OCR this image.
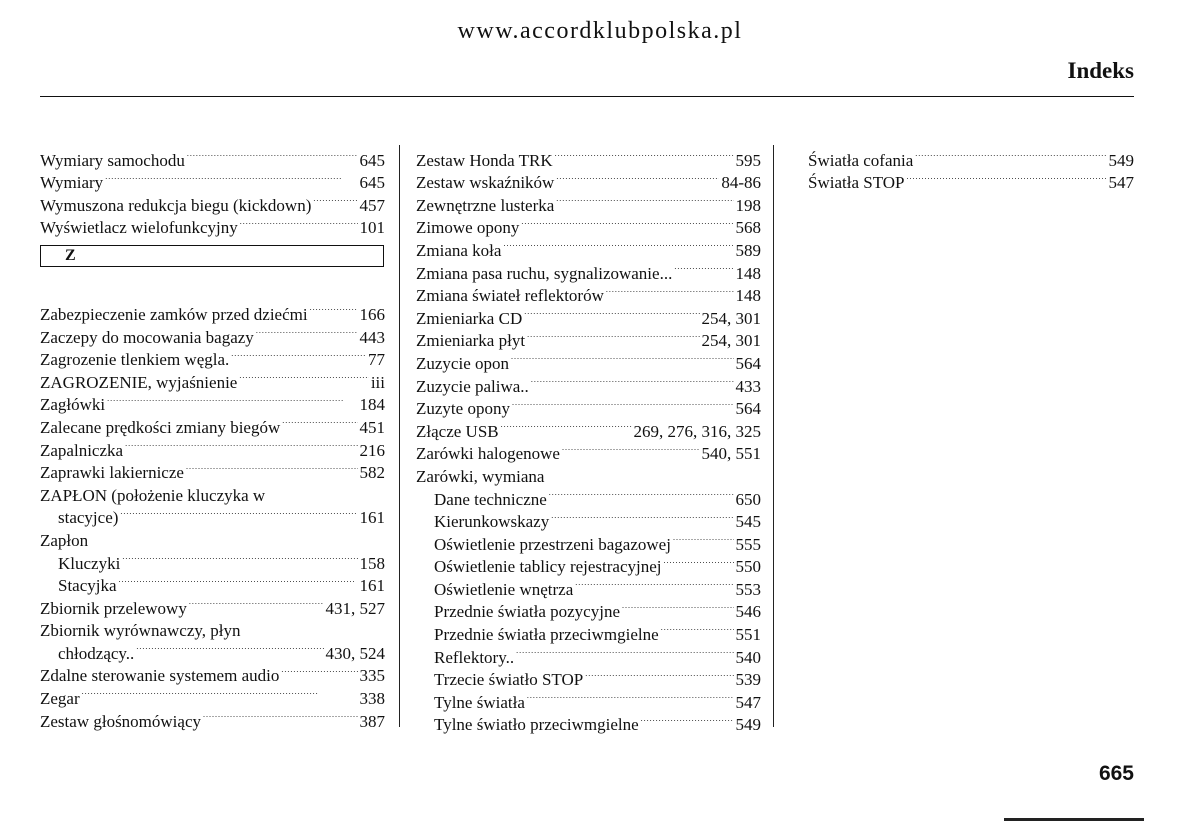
www.accordklubpolska.pl
Indeks
Wymiary samochodu . . .	645
Wymiary . . .	645
Wymuszona redukcja biegu (kickdown) . . .	457
Wyświetlacz wielofunkcyjny . . .	101
Z
Zabezpieczenie zamków przed dziećmi . . .	166
Zaczepy do mocowania bagazy . . .	443
Zagrozenie tlenkiem węgla. . . .	77
ZAGROZENIE, wyjaśnienie . . .	iii
Zagłówki . . .	184
Zalecane prędkości zmiany biegów . . .	451
Zapalniczka . . .	216
Zaprawki lakiernicze . . .	582
ZAPŁON (położenie kluczyka w
stacyjce) . . .	161
Zapłon
Kluczyki . . .	158
Stacyjka . . .	161
Zbiornik przelewowy . . .	431, 527
Zbiornik wyrównawczy, płyn
chłodzący.. . . .	430, 524
Zdalne sterowanie systemem audio . . .	335
Zegar . . .	338
Zestaw głośnomówiący . . .	387
Zestaw Honda TRK . . .	595
Zestaw wskaźników . . .	84-86
Zewnętrzne lusterka . . .	198
Zimowe opony . . .	568
Zmiana koła . . .	589
Zmiana pasa ruchu, sygnalizowanie... . . .	148
Zmiana świateł reflektorów . . .	148
Zmieniarka CD . . .	254, 301
Zmieniarka płyt . . .	254, 301
Zuzycie opon . . .	564
Zuzycie paliwa.. . . .	433
Zuzyte opony . . .	564
Złącze USB . . .	269, 276, 316, 325
Zarówki halogenowe . . .	540, 551
Zarówki, wymiana
Dane techniczne . . .	650
Kierunkowskazy . . .	545
Oświetlenie przestrzeni bagazowej . . .	555
Oświetlenie tablicy rejestracyjnej . . .	550
Oświetlenie wnętrza . . .	553
Przednie światła pozycyjne . . .	546
Przednie światła przeciwmgielne . . .	551
Reflektory.. . . .	540
Trzecie światło STOP . . .	539
Tylne światła . . .	547
Tylne światło przeciwmgielne . . .	549
Światła cofania . . .	549
Światła STOP . . .	547
665
